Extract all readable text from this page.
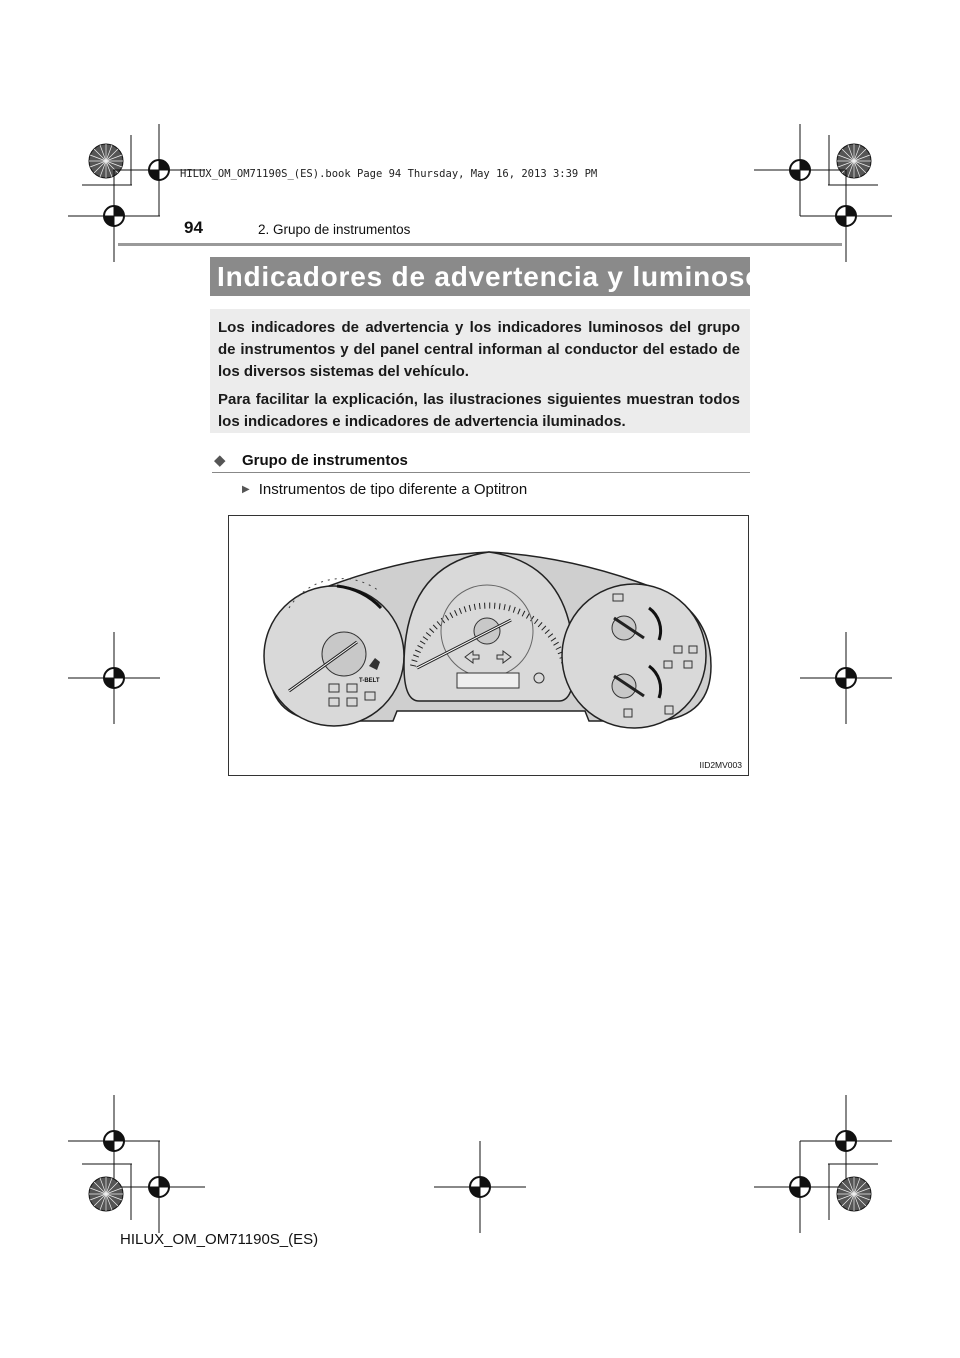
HILUX_OM_OM71190S_(ES).book Page 94 Thursday, May 16, 2013 3:39 PM
94	2. Grupo de instrumentos
Indicadores de advertencia y luminosos

Los indicadores de advertencia y los indicadores luminosos del grupo de instrumentos y del panel central informan al conductor del estado de los diversos sistemas del vehículo.

Para facilitar la explicación, las ilustraciones siguientes muestran todos los indicadores e indicadores de advertencia iluminados.

◆ Grupo de instrumentos
▶ Instrumentos de tipo diferente a Optitron
T-BELT
IID2MV003
HILUX_OM_OM71190S_(ES)
